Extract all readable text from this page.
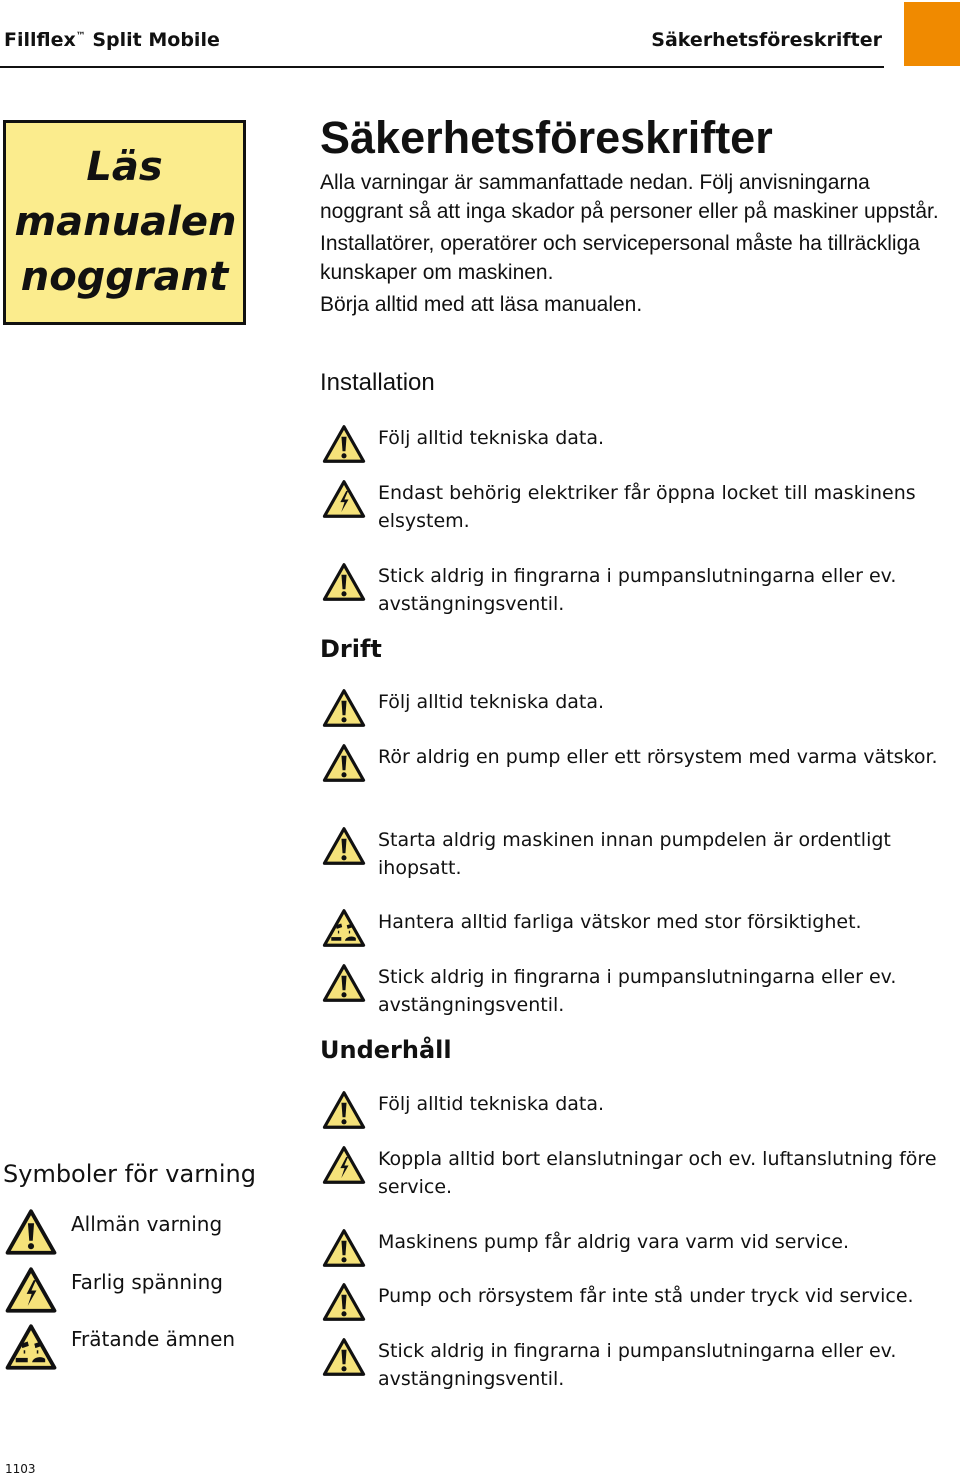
Fillflex™ Split Mobile	Säkerhetsföreskrifter
Läs
manualen
noggrant
Säkerhetsföreskrifter

Alla varningar är sammanfattade nedan. Följ anvisningarna noggrant så att inga skador på personer eller på maskiner uppstår.

Installatörer, operatörer och servicepersonal måste ha tillräckliga kunskaper om maskinen.

Börja alltid med att läsa manualen.

Installation
Följ alltid tekniska data.
Endast behörig elektriker får öppna locket till maskinens elsystem.
Stick aldrig in fingrarna i pumpanslutningarna eller ev. avstängningsventil.
Drift
Följ alltid tekniska data.
Rör aldrig en pump eller ett rörsystem med varma vätskor.
Starta aldrig maskinen innan pumpdelen är ordentligt ihopsatt.
Hantera alltid farliga vätskor med stor försiktighet.
Stick aldrig in fingrarna i pumpanslutningarna eller ev. avstängningsventil.
Underhåll
Följ alltid tekniska data.
Koppla alltid bort elanslutningar och ev. luftanslutning före service.
Maskinens pump får aldrig vara varm vid service.
Pump och rörsystem får inte stå under tryck vid service.
Stick aldrig in fingrarna i pumpanslutningarna eller ev. avstängningsventil.
Symboler för varning
Allmän varning
Farlig spänning
Frätande ämnen
1103
